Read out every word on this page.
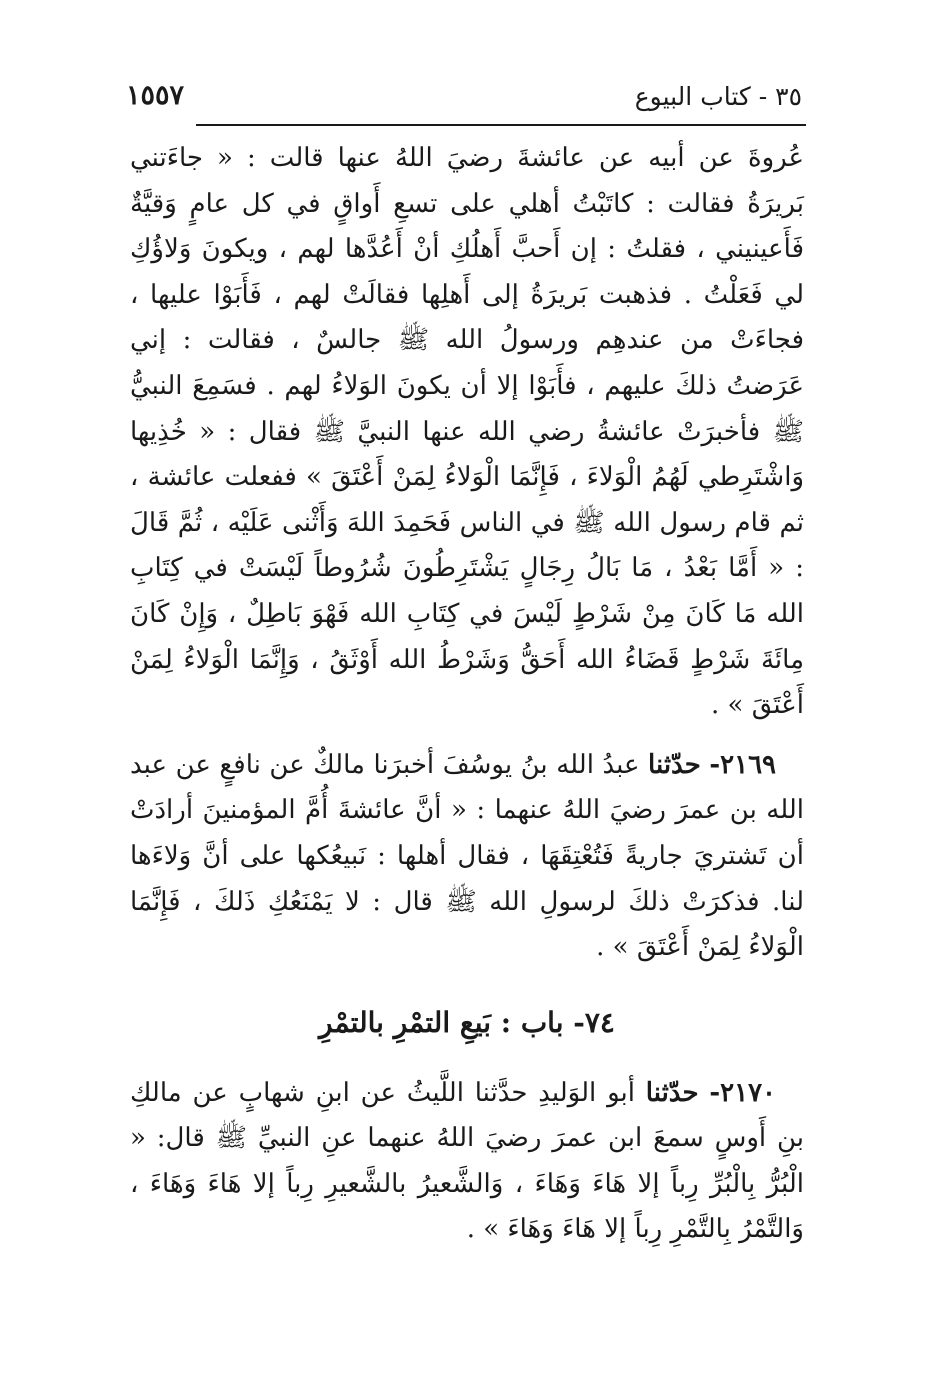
٣٥ - كتاب البيوع
١٥٥٧

عُروةَ عن أبيه عن عائشةَ رضيَ اللهُ عنها قالت : « جاءَتني بَريرَةُ فقالت : كاتَبْتُ أهلي على تسعِ أَواقٍ في كل عامٍ وَقيَّةٌ فَأَعينيني ، فقلتُ : إن أَحبَّ أَهلُكِ أنْ أَعُدَّها لهم ، ويكونَ وَلاؤُكِ لي فَعَلْتُ . فذهبت بَريرَةُ إلى أَهلِها فقالَتْ لهم ، فَأَبَوْا عليها ، فجاءَتْ من عندهِم ورسولُ الله ﷺ جالسٌ ، فقالت : إني عَرَضتُ ذلكَ عليهم ، فأَبَوْا إلا أن يكونَ الوَلاءُ لهم . فسَمِعَ النبيُّ ﷺ فأخبرَتْ عائشةُ رضي الله عنها النبيَّ ﷺ فقال : « خُذِيها وَاشْتَرِطي لَهُمُ الْوَلاءَ ، فَإِنَّمَا الْوَلاءُ لِمَنْ أَعْتَقَ » ففعلت عائشة ، ثم قام رسول الله ﷺ في الناس فَحَمِدَ اللهَ وَأَثْنى عَلَيْه ، ثُمَّ قَالَ : « أَمَّا بَعْدُ ، مَا بَالُ رِجَالٍ يَشْتَرِطُونَ شُرُوطاً لَيْسَتْ في كِتَابِ الله مَا كَانَ مِنْ شَرْطٍ لَيْسَ في كِتَابِ الله فَهْوَ بَاطِلٌ ، وَإِنْ كَانَ مِائَةَ شَرْطٍ قَضَاءُ الله أَحَقُّ وَشَرْطُ الله أَوْثَقُ ، وَإِنَّمَا الْوَلاءُ لِمَنْ أَعْتَقَ » .

٢١٦٩- حدّثنا عبدُ الله بنُ يوسُفَ أخبرَنا مالكٌ عن نافعٍ عن عبد الله بن عمرَ رضيَ اللهُ عنهما : « أنَّ عائشةَ أُمَّ المؤمنينَ أرادَتْ أن تَشتريَ جاريةً فَتُعْتِقَهَا ، فقال أهلها : نَبيعُكها على أنَّ وَلاءَها لنا. فذكرَتْ ذلكَ لرسولِ الله ﷺ قال : لا يَمْنَعُكِ ذَلكَ ، فَإِنَّمَا الْوَلاءُ لِمَنْ أَعْتَقَ » .

٧٤- باب : بَيعِ التمْرِ بالتمْرِ

٢١٧٠- حدّثنا أبو الوَليدِ حدَّثنا اللَّيثُ عن ابنِ شهابٍ عن مالكِ بنِ أَوسٍ سمعَ ابن عمرَ رضيَ اللهُ عنهما عنِ النبيِّ ﷺ قال: « الْبُرُّ بِالْبُرِّ رِباً إلا هَاءَ وَهَاءَ ، وَالشَّعيرُ بالشَّعيرِ رِباً إلا هَاءَ وَهَاءَ ، وَالتَّمْرُ بِالتَّمْرِ رِباً إلا هَاءَ وَهَاءَ » .
